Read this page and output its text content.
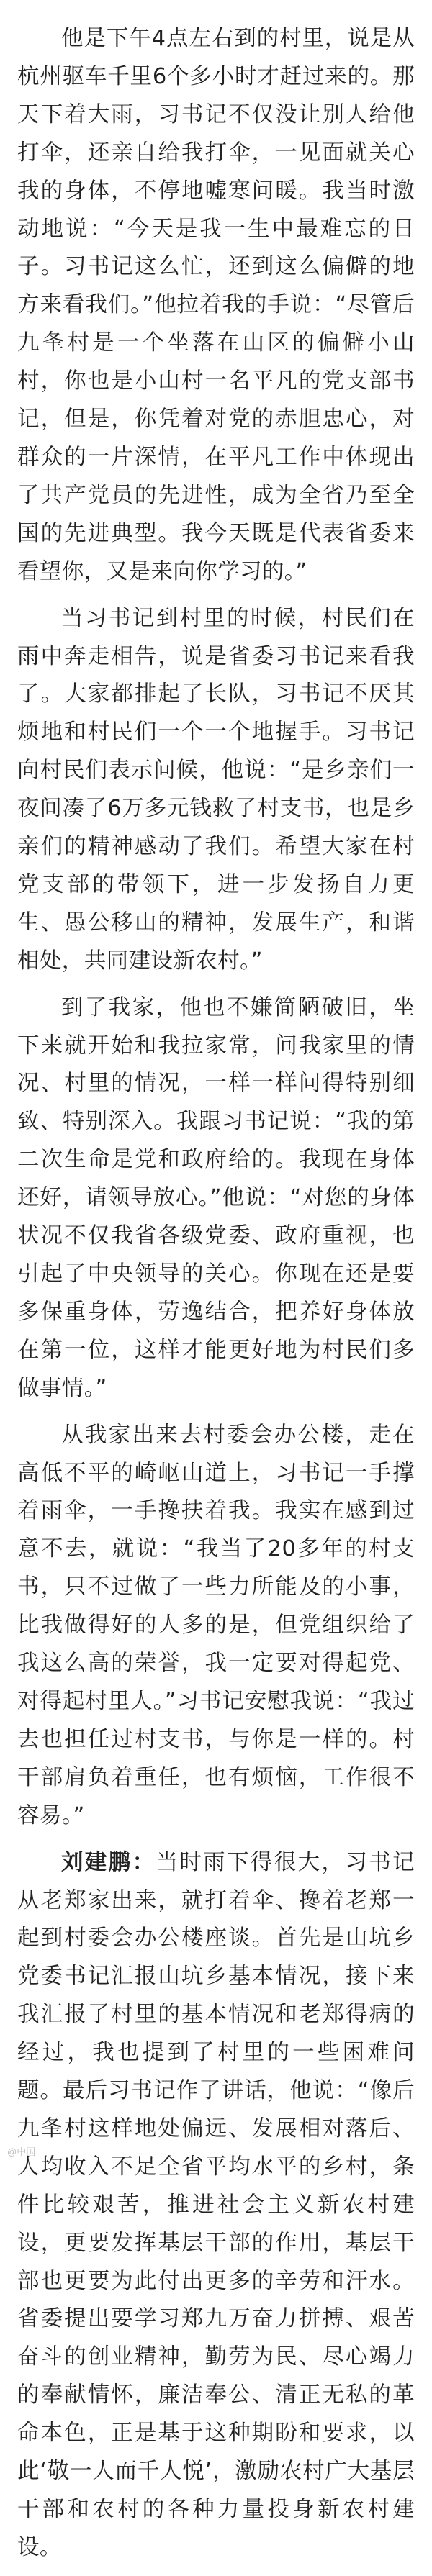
他是下午4点左右到的村里，说是从杭州驱车千里6个多小时才赶过来的。那天下着大雨，习书记不仅没让别人给他打伞，还亲自给我打伞，一见面就关心我的身体，不停地嘘寒问暖。我当时激动地说：“今天是我一生中最难忘的日子。习书记这么忙，还到这么偏僻的地方来看我们。”他拉着我的手说：“尽管后九夆村是一个坐落在山区的偏僻小山村，你也是小山村一名平凡的党支部书记，但是，你凭着对党的赤胆忠心，对群众的一片深情，在平凡工作中体现出了共产党员的先进性，成为全省乃至全国的先进典型。我今天既是代表省委来看望你，又是来向你学习的。”

当习书记到村里的时候，村民们在雨中奔走相告，说是省委习书记来看我了。大家都排起了长队，习书记不厌其烦地和村民们一个一个地握手。习书记向村民们表示问候，他说：“是乡亲们一夜间凑了6万多元钱救了村支书，也是乡亲们的精神感动了我们。希望大家在村党支部的带领下，进一步发扬自力更生、愚公移山的精神，发展生产，和谐相处，共同建设新农村。”

到了我家，他也不嫌简陋破旧，坐下来就开始和我拉家常，问我家里的情况、村里的情况，一样一样问得特别细致、特别深入。我跟习书记说：“我的第二次生命是党和政府给的。我现在身体还好，请领导放心。”他说：“对您的身体状况不仅我省各级党委、政府重视，也引起了中央领导的关心。你现在还是要多保重身体，劳逸结合，把养好身体放在第一位，这样才能更好地为村民们多做事情。”

从我家出来去村委会办公楼，走在高低不平的崎岖山道上，习书记一手撑着雨伞，一手搀扶着我。我实在感到过意不去，就说：“我当了20多年的村支书，只不过做了一些力所能及的小事，比我做得好的人多的是，但党组织给了我这么高的荣誉，我一定要对得起党、对得起村里人。”习书记安慰我说：“我过去也担任过村支书，与你是一样的。村干部肩负着重任，也有烦恼，工作很不容易。”

刘建鹏：当时雨下得很大，习书记从老郑家出来，就打着伞、搀着老郑一起到村委会办公楼座谈。首先是山坑乡党委书记汇报山坑乡基本情况，接下来我汇报了村里的基本情况和老郑得病的经过，我也提到了村里的一些困难问题。最后习书记作了讲话，他说：“像后九夆村这样地处偏远、发展相对落后、人均收入不足全省平均水平的乡村，条件比较艰苦，推进社会主义新农村建设，更要发挥基层干部的作用，基层干部也更要为此付出更多的辛劳和汗水。省委提出要学习郑九万奋力拼搏、艰苦奋斗的创业精神，勤劳为民、尽心竭力的奉献情怀，廉洁奉公、清正无私的革命本色，正是基于这种期盼和要求，以此‘敬一人而千人悦’，激励农村广大基层干部和农村的各种力量投身新农村建设。

@中国
